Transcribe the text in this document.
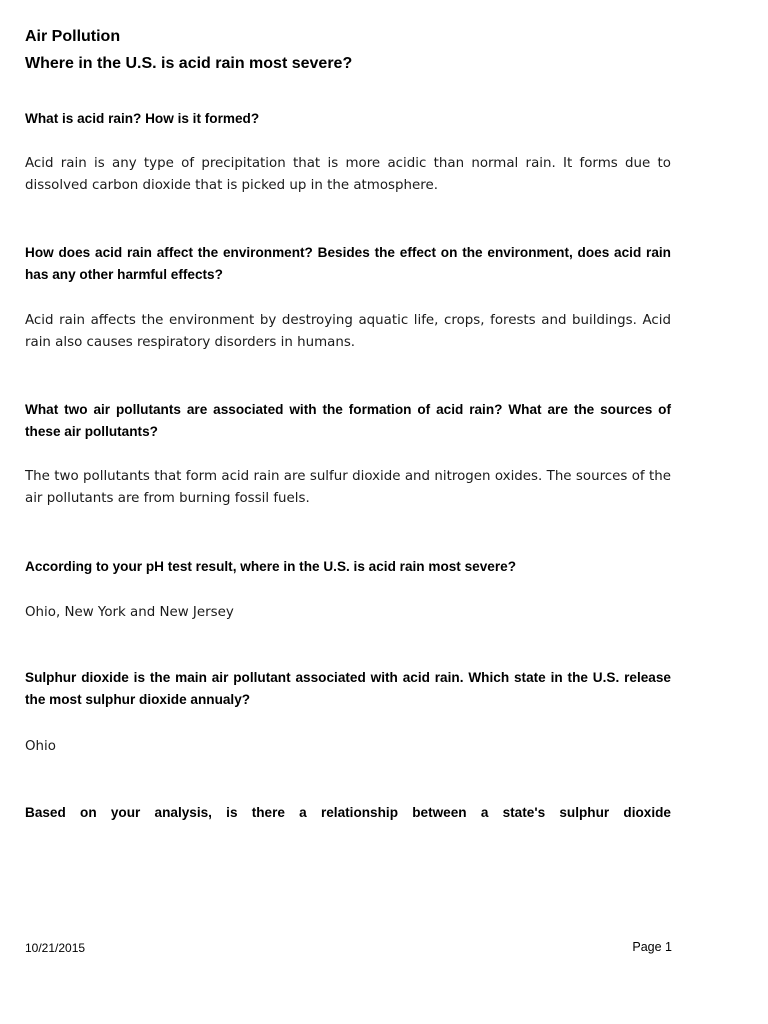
Air Pollution
Where in the U.S. is acid rain most severe?
What is acid rain? How is it formed?
Acid rain is any type of precipitation that is more acidic than normal rain. It forms due to dissolved carbon dioxide that is picked up in the atmosphere.
How does acid rain affect the environment? Besides the effect on the environment, does acid rain has any other harmful effects?
Acid rain affects the environment by destroying aquatic life, crops, forests and buildings. Acid rain also causes respiratory disorders in humans.
What two air pollutants are associated with the formation of acid rain? What are the sources of these air pollutants?
The two pollutants that form acid rain are sulfur dioxide and nitrogen oxides. The sources of the air pollutants are from burning fossil fuels.
According to your pH test result, where in the U.S. is acid rain most severe?
Ohio, New York and New Jersey
Sulphur dioxide is the main air pollutant associated with acid rain. Which state in the U.S. release the most sulphur dioxide annualy?
Ohio
Based on your analysis, is there a relationship between a state's sulphur dioxide
10/21/2015	Page 1
